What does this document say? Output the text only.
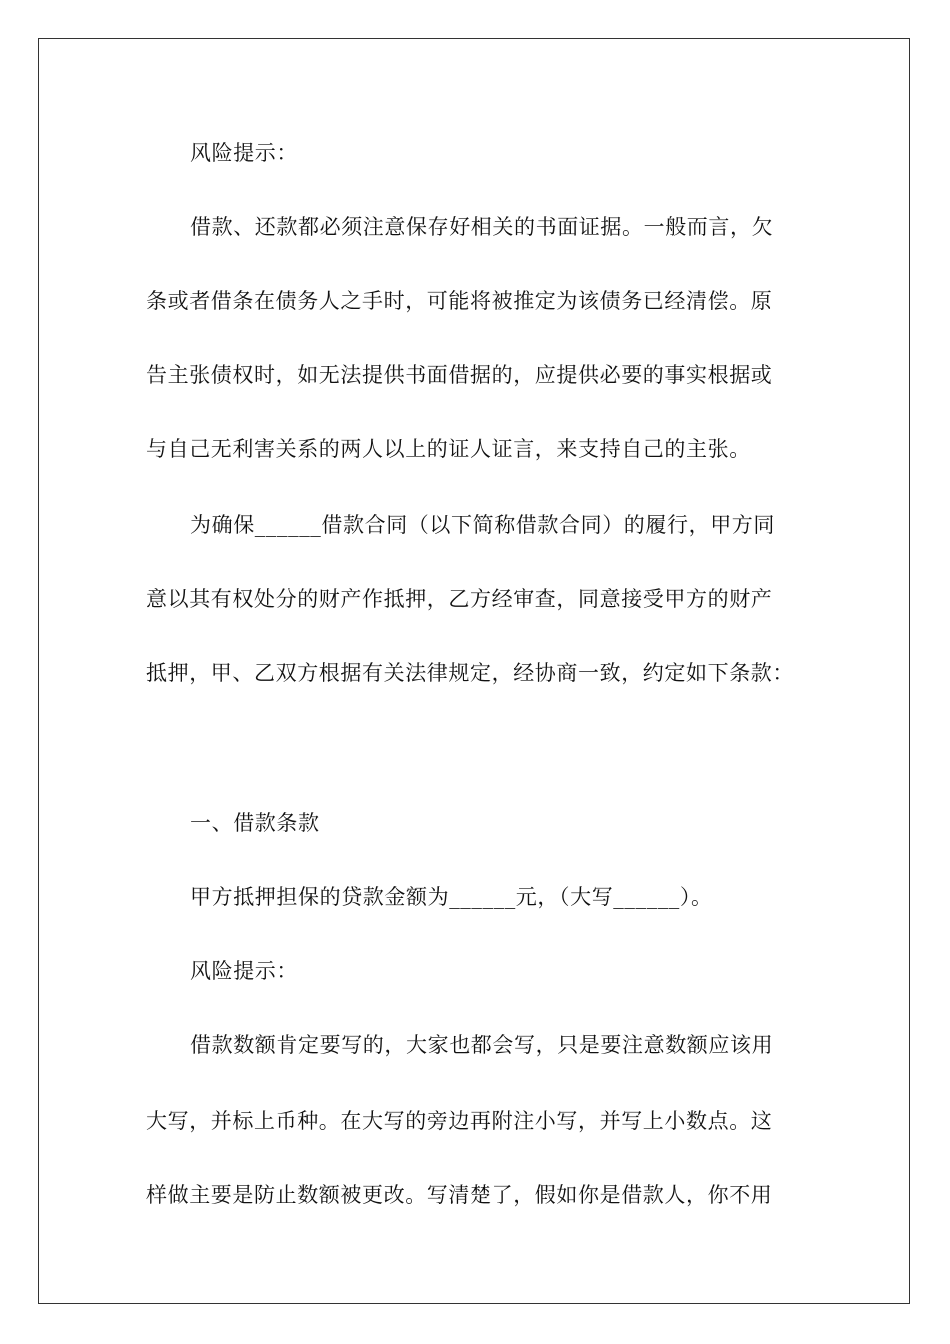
风险提示：
借款、还款都必须注意保存好相关的书面证据。一般而言，欠
条或者借条在债务人之手时，可能将被推定为该债务已经清偿。原
告主张债权时，如无法提供书面借据的，应提供必要的事实根据或
与自己无利害关系的两人以上的证人证言，来支持自己的主张。
为确保______借款合同（以下简称借款合同）的履行，甲方同
意以其有权处分的财产作抵押，乙方经审查，同意接受甲方的财产
抵押，甲、乙双方根据有关法律规定，经协商一致，约定如下条款：
一、借款条款
甲方抵押担保的贷款金额为______元，（大写______）。
风险提示：
借款数额肯定要写的，大家也都会写，只是要注意数额应该用
大写，并标上币种。在大写的旁边再附注小写，并写上小数点。这
样做主要是防止数额被更改。写清楚了，假如你是借款人，你不用
